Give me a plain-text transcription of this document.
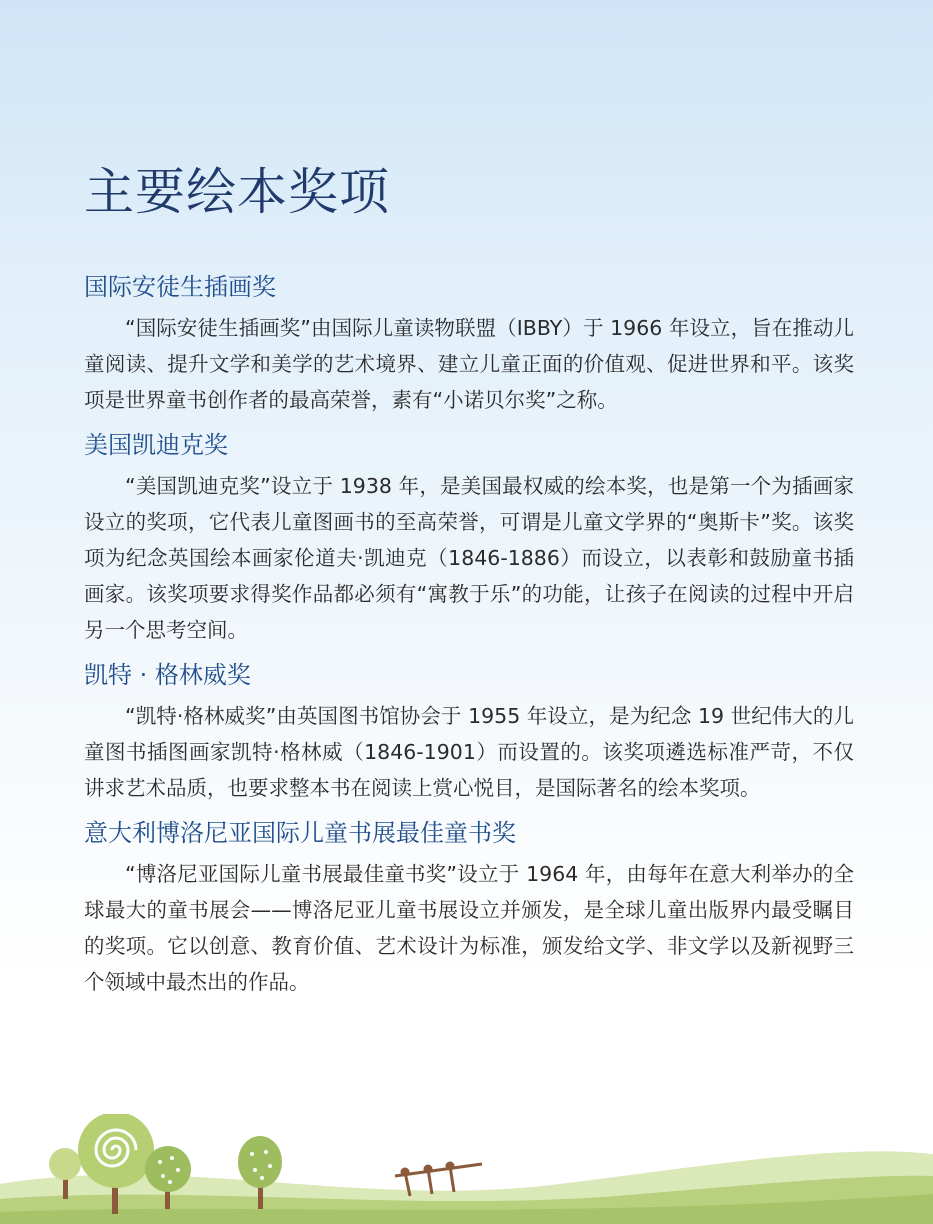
主要绘本奖项
国际安徒生插画奖

“国际安徒生插画奖”由国际儿童读物联盟（IBBY）于 1966 年设立，旨在推动儿童阅读、提升文学和美学的艺术境界、建立儿童正面的价值观、促进世界和平。该奖项是世界童书创作者的最高荣誉，素有“小诺贝尔奖”之称。

美国凯迪克奖

“美国凯迪克奖”设立于 1938 年，是美国最权威的绘本奖，也是第一个为插画家设立的奖项，它代表儿童图画书的至高荣誉，可谓是儿童文学界的“奥斯卡”奖。该奖项为纪念英国绘本画家伦道夫·凯迪克（1846-1886）而设立，以表彰和鼓励童书插画家。该奖项要求得奖作品都必须有“寓教于乐”的功能，让孩子在阅读的过程中开启另一个思考空间。

凯特 · 格林威奖

“凯特·格林威奖”由英国图书馆协会于 1955 年设立，是为纪念 19 世纪伟大的儿童图书插图画家凯特·格林威（1846-1901）而设置的。该奖项遴选标准严苛，不仅讲求艺术品质，也要求整本书在阅读上赏心悦目，是国际著名的绘本奖项。

意大利博洛尼亚国际儿童书展最佳童书奖

“博洛尼亚国际儿童书展最佳童书奖”设立于 1964 年，由每年在意大利举办的全球最大的童书展会——博洛尼亚儿童书展设立并颁发，是全球儿童出版界内最受瞩目的奖项。它以创意、教育价值、艺术设计为标准，颁发给文学、非文学以及新视野三个领域中最杰出的作品。
